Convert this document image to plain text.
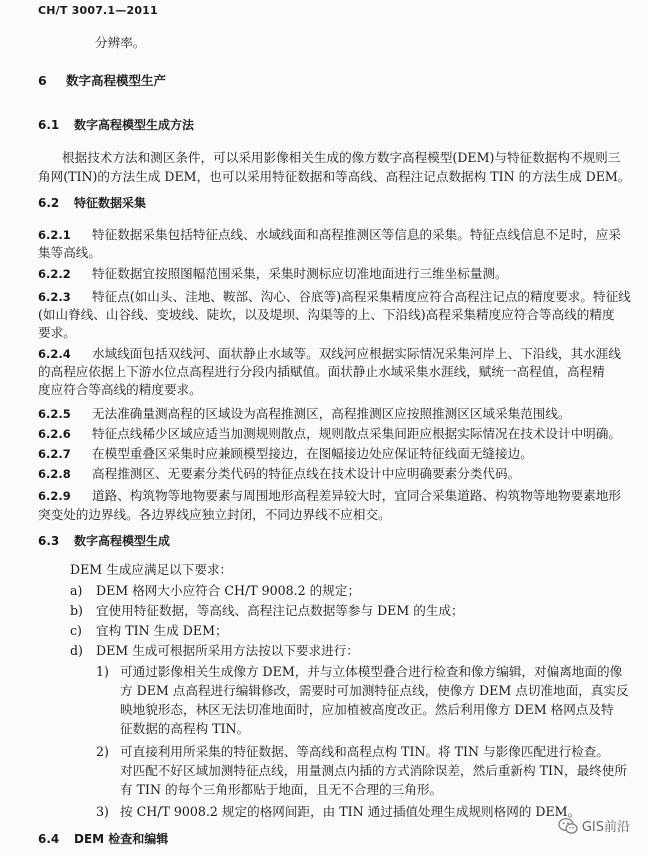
CH/T 3007.1—2011
分辨率。
6 数字高程模型生产
6.1 数字高程模型生成方法
根据技术方法和测区条件，可以采用影像相关生成的像方数字高程模型(DEM)与特征数据构不规则三
角网(TIN)的方法生成 DEM，也可以采用特征数据和等高线、高程注记点数据构 TIN 的方法生成 DEM。
6.2 特征数据采集
6.2.1 特征数据采集包括特征点线、水域线面和高程推测区等信息的采集。特征点线信息不足时，应采
集等高线。
6.2.2 特征数据宜按照图幅范围采集，采集时测标应切准地面进行三维坐标量测。
6.2.3 特征点(如山头、洼地、鞍部、沟心、谷底等)高程采集精度应符合高程注记点的精度要求。特征线
(如山脊线、山谷线、变坡线、陡坎，以及堤坝、沟渠等的上、下沿线)高程采集精度应符合等高线的精度
要求。
6.2.4 水域线面包括双线河、面状静止水域等。双线河应根据实际情况采集河岸上、下沿线，其水涯线
的高程应依据上下游水位点高程进行分段内插赋值。面状静止水域采集水涯线，赋统一高程值，高程精
度应符合等高线的精度要求。
6.2.5 无法准确量测高程的区域设为高程推测区，高程推测区应按照推测区区域采集范围线。
6.2.6 特征点线稀少区域应适当加测规则散点，规则散点采集间距应根据实际情况在技术设计中明确。
6.2.7 在模型重叠区采集时应兼顾模型接边，在图幅接边处应保证特征线面无缝接边。
6.2.8 高程推测区、无要素分类代码的特征点线在技术设计中应明确要素分类代码。
6.2.9 道路、构筑物等地物要素与周围地形高程差异较大时，宜同合采集道路、构筑物等地物要素地形
突变处的边界线。各边界线应独立封闭，不同边界线不应相交。
6.3 数字高程模型生成
DEM 生成应满足以下要求：
a) DEM 格网大小应符合 CH/T 9008.2 的规定；
b) 宜使用特征数据，等高线、高程注记点数据等参与 DEM 的生成；
c) 宜构 TIN 生成 DEM；
d) DEM 生成可根据所采用方法按以下要求进行：
1) 可通过影像相关生成像方 DEM，并与立体模型叠合进行检查和像方编辑，对偏离地面的像
方 DEM 点高程进行编辑修改，需要时可加测特征点线，使像方 DEM 点切准地面，真实反
映地貌形态，林区无法切准地面时，应加植被高度改正。然后利用像方 DEM 格网点及特
征数据的高程构 TIN。
2) 可直接利用所采集的特征数据、等高线和高程点构 TIN。将 TIN 与影像匹配进行检查。
对匹配不好区域加测特征点线，用量测点内插的方式消除误差，然后重新构 TIN，最终使所
有 TIN 的每个三角形都贴于地面，且无不合理的三角形。
3) 按 CH/T 9008.2 规定的格网间距，由 TIN 通过插值处理生成规则格网的 DEM。
6.4 DEM 检查和编辑
GIS前沿
